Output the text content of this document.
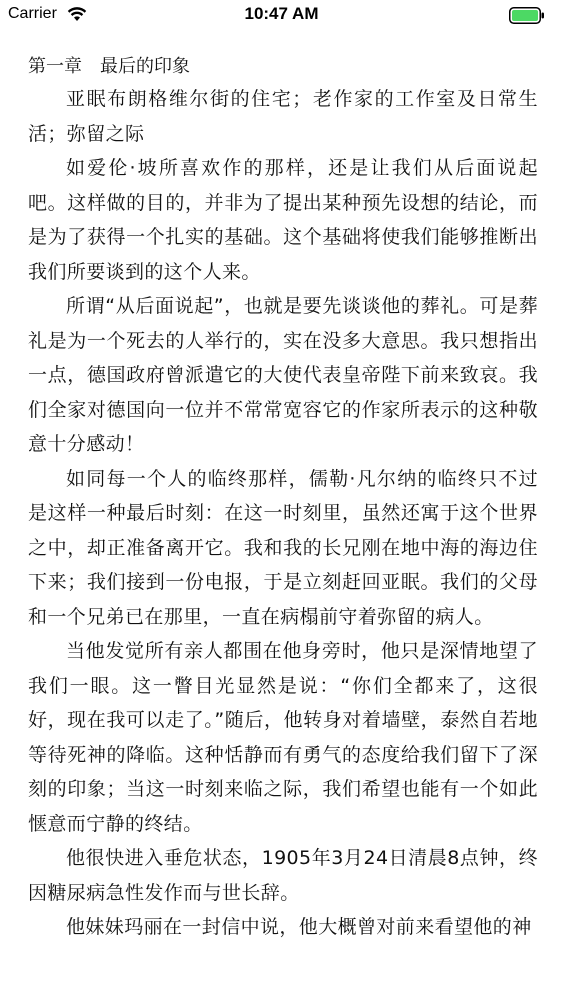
Carrier	10:47 AM
第一章　最后的印象

亚眠布朗格维尔街的住宅；老作家的工作室及日常生活；弥留之际

如爱伦·坡所喜欢作的那样，还是让我们从后面说起吧。这样做的目的，并非为了提出某种预先设想的结论，而是为了获得一个扎实的基础。这个基础将使我们能够推断出我们所要谈到的这个人来。

所谓“从后面说起”，也就是要先谈谈他的葬礼。可是葬礼是为一个死去的人举行的，实在没多大意思。我只想指出一点，德国政府曾派遣它的大使代表皇帝陛下前来致哀。我们全家对德国向一位并不常常宽容它的作家所表示的这种敬意十分感动！

如同每一个人的临终那样，儒勒·凡尔纳的临终只不过是这样一种最后时刻：在这一时刻里，虽然还寓于这个世界之中，却正准备离开它。我和我的长兄刚在地中海的海边住下来；我们接到一份电报，于是立刻赶回亚眠。我们的父母和一个兄弟已在那里，一直在病榻前守着弥留的病人。

当他发觉所有亲人都围在他身旁时，他只是深情地望了我们一眼。这一瞥目光显然是说：“你们全都来了，这很好，现在我可以走了。”随后，他转身对着墙壁，泰然自若地等待死神的降临。这种恬静而有勇气的态度给我们留下了深刻的印象；当这一时刻来临之际，我们希望也能有一个如此惬意而宁静的终结。

他很快进入垂危状态，1905年3月24日清晨8点钟，终因糖尿病急性发作而与世长辞。

他妹妹玛丽在一封信中说，他大概曾对前来看望他的神
